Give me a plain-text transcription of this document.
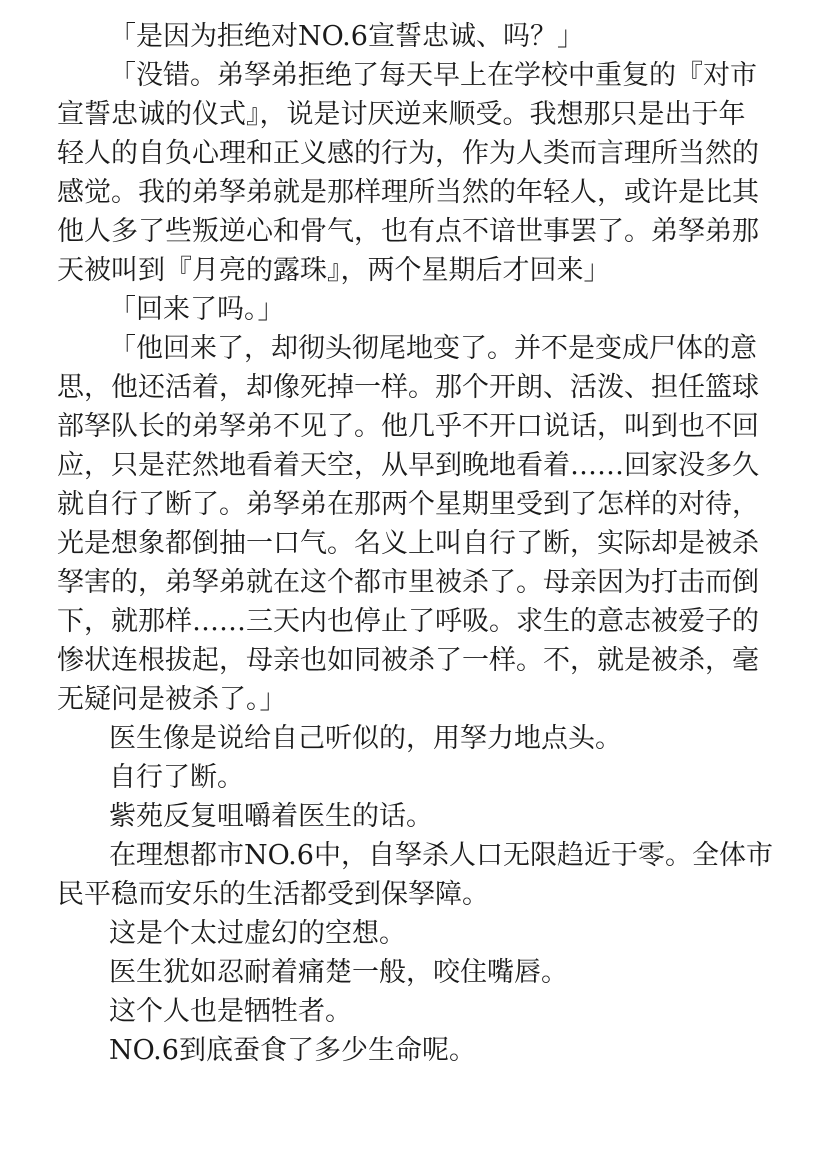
「是因为拒绝对NO.6宣誓忠诚、吗？」

「没错。弟孥弟拒绝了每天早上在学校中重复的『对市
宣誓忠诚的仪式』，说是讨厌逆来顺受。我想那只是出于年
轻人的自负心理和正义感的行为，作为人类而言理所当然的
感觉。我的弟孥弟就是那样理所当然的年轻人，或许是比其
他人多了些叛逆心和骨气，也有点不谙世事罢了。弟孥弟那
天被叫到『月亮的露珠』，两个星期后才回来」

「回来了吗。」

「他回来了，却彻头彻尾地变了。并不是变成尸体的意
思，他还活着，却像死掉一样。那个开朗、活泼、担任篮球
部孥队长的弟孥弟不见了。他几乎不开口说话，叫到也不回
应，只是茫然地看着天空，从早到晚地看着……回家没多久
就自行了断了。弟孥弟在那两个星期里受到了怎样的对待，
光是想象都倒抽一口气。名义上叫自行了断，实际却是被杀
孥害的，弟孥弟就在这个都市里被杀了。母亲因为打击而倒
下，就那样……三天内也停止了呼吸。求生的意志被爱子的
惨状连根拔起，母亲也如同被杀了一样。不，就是被杀，毫
无疑问是被杀了。」

医生像是说给自己听似的，用孥力地点头。

自行了断。

紫苑反复咀嚼着医生的话。

在理想都市NO.6中，自孥杀人口无限趋近于零。全体市
民平稳而安乐的生活都受到保孥障。

这是个太过虚幻的空想。

医生犹如忍耐着痛楚一般，咬住嘴唇。

这个人也是牺牲者。

NO.6到底蚕食了多少生命呢。
